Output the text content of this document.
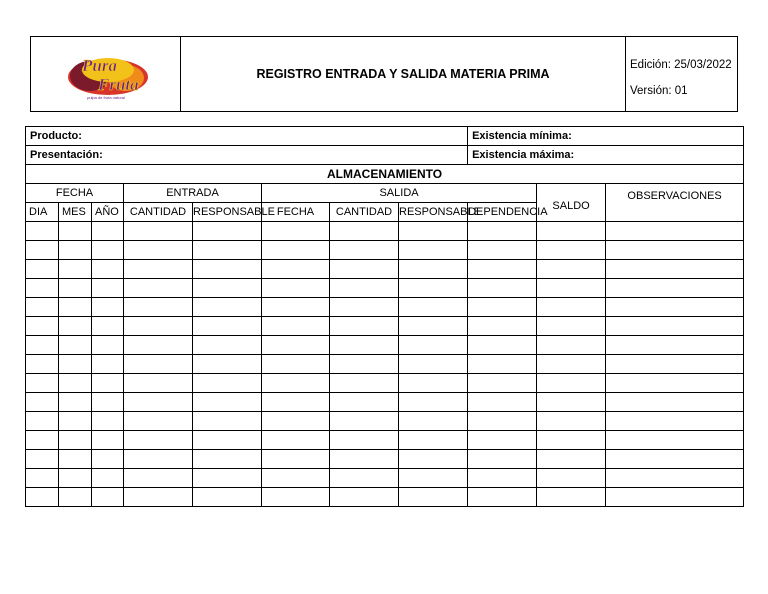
Pura
Fruta
pulpa de fruta natural
REGISTRO ENTRADA Y SALIDA MATERIA PRIMA
Edición: 25/03/2022
Versión: 01
Producto:								Existencia mínima:		
Presentación:								Existencia máxima:		
ALMACENAMIENTO										
FECHA			ENTRADA		SALIDA				SALDO	OBSERVACIONES
DIA	MES	AÑO	CANTIDAD	RESPONSABLE	FECHA	CANTIDAD	RESPONSABLE	DEPENDENCIA		
